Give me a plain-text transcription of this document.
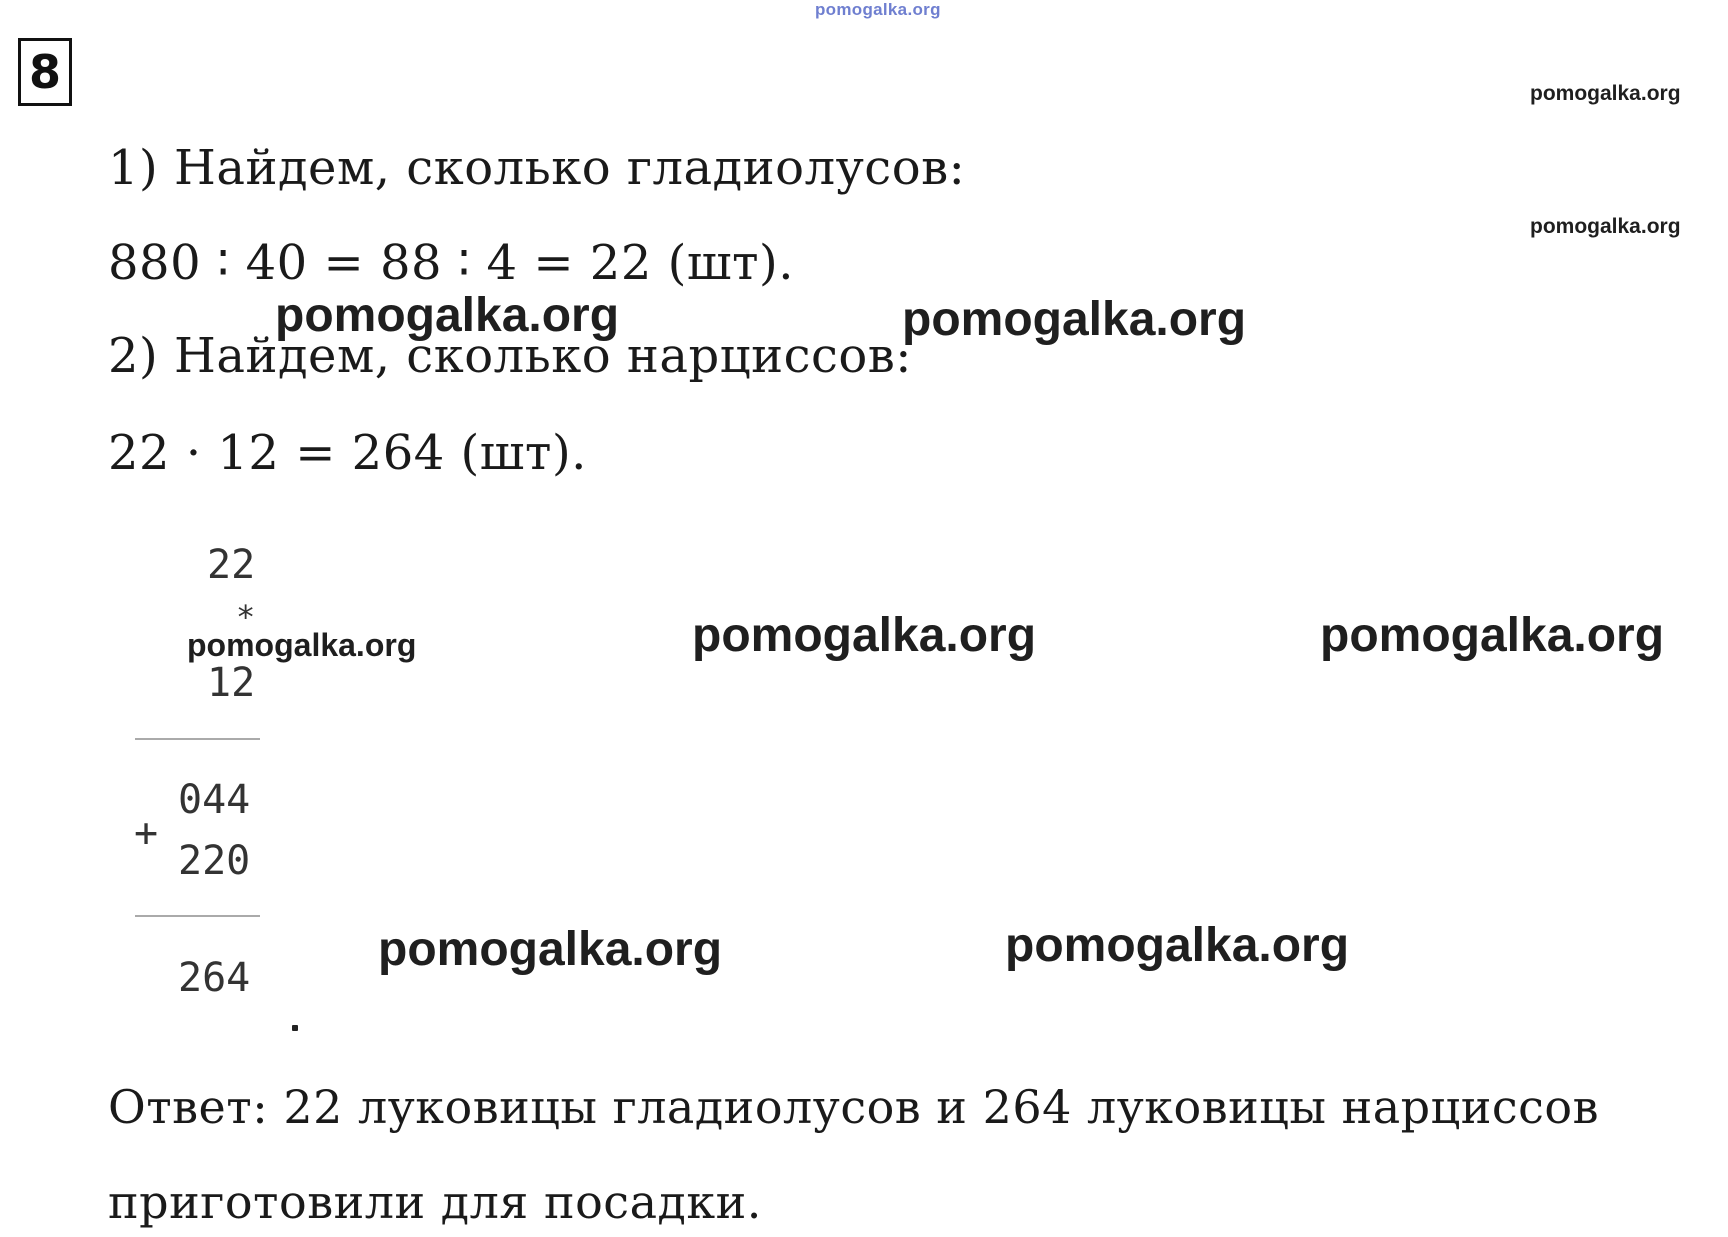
pomogalka.org
8	pomogalka.org
pomogalka.org
1) Найдем, сколько гладиолусов:
880 ∶ 40 = 88 ∶ 4 = 22 (шт).
2) Найдем, сколько нарциссов:
22 · 12 = 264 (шт).
pomogalka.org	pomogalka.org
22
*
12
044
+
220
264
pomogalka.org	pomogalka.org	pomogalka.org
pomogalka.org	pomogalka.org
Ответ: 22 луковицы гладиолусов и 264 луковицы нарциссов
приготовили для посадки.
